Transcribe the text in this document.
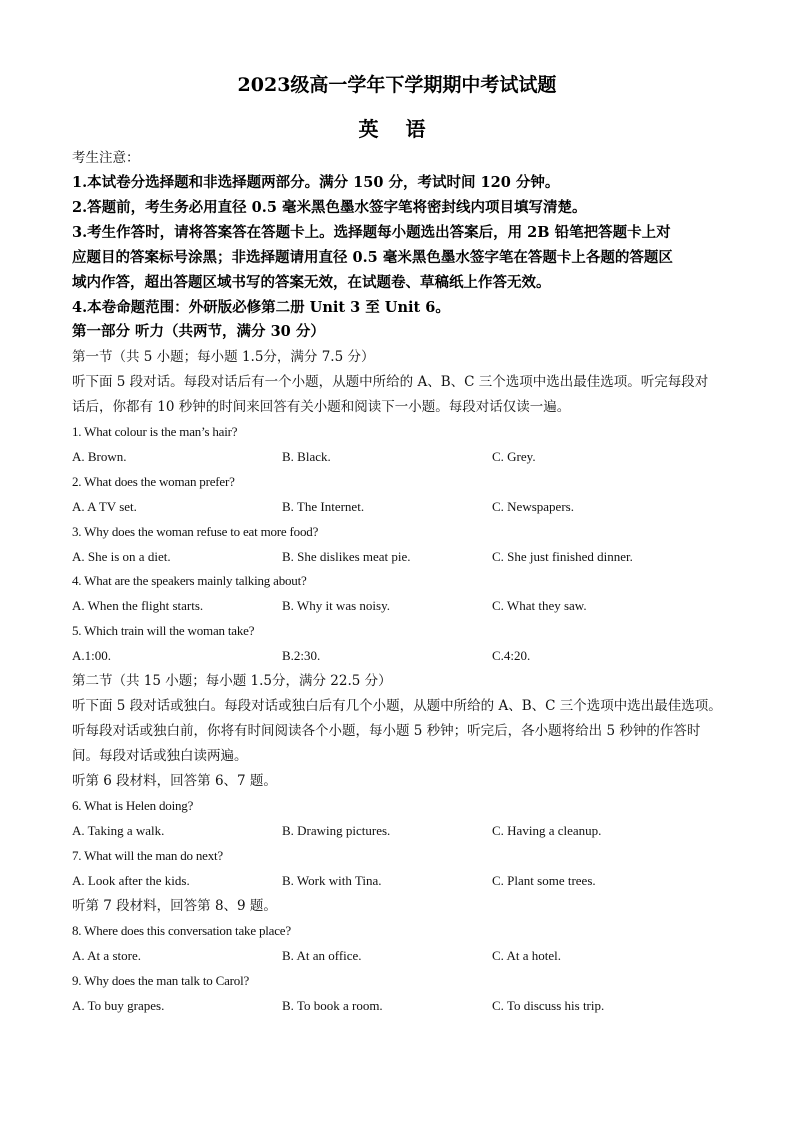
2023级高一学年下学期期中考试试题
英 语
考生注意：
1.本试卷分选择题和非选择题两部分。满分 150 分，考试时间 120 分钟。
2.答题前，考生务必用直径 0.5 毫米黑色墨水签字笔将密封线内项目填写清楚。
3.考生作答时，请将答案答在答题卡上。选择题每小题选出答案后，用 2B 铅笔把答题卡上对
应题目的答案标号涂黑；非选择题请用直径 0.5 毫米黑色墨水签字笔在答题卡上各题的答题区
域内作答，超出答题区域书写的答案无效，在试题卷、草稿纸上作答无效。
4.本卷命题范围：外研版必修第二册 Unit 3 至 Unit 6。
第一部分 听力（共两节，满分 30 分）
第一节（共 5 小题；每小题 1.5分，满分 7.5 分）
听下面 5 段对话。每段对话后有一个小题，从题中所给的 A、B、C 三个选项中选出最佳选项。听完每段对
话后，你都有 10 秒钟的时间来回答有关小题和阅读下一小题。每段对话仅读一遍。
1. What colour is the man’s hair?
A. Brown.	B. Black.	C. Grey.
2. What does the woman prefer?
A. A TV set.	B. The Internet.	C. Newspapers.
3. Why does the woman refuse to eat more food?
A. She is on a diet.	B. She dislikes meat pie.	C. She just finished dinner.
4. What are the speakers mainly talking about?
A. When the flight starts.	B. Why it was noisy.	C. What they saw.
5. Which train will the woman take?
A.1:00.	B.2:30.	C.4:20.
第二节（共 15 小题；每小题 1.5分，满分 22.5 分）
听下面 5 段对话或独白。每段对话或独白后有几个小题，从题中所给的 A、B、C 三个选项中选出最佳选项。
听每段对话或独白前，你将有时间阅读各个小题，每小题 5 秒钟；听完后，各小题将给出 5 秒钟的作答时
间。每段对话或独白读两遍。
听第 6 段材料，回答第 6、7 题。
6. What is Helen doing?
A. Taking a walk.	B. Drawing pictures.	C. Having a cleanup.
7. What will the man do next?
A. Look after the kids.	B. Work with Tina.	C. Plant some trees.
听第 7 段材料，回答第 8、9 题。
8. Where does this conversation take place?
A. At a store.	B. At an office.	C. At a hotel.
9. Why does the man talk to Carol?
A. To buy grapes.	B. To book a room.	C. To discuss his trip.
